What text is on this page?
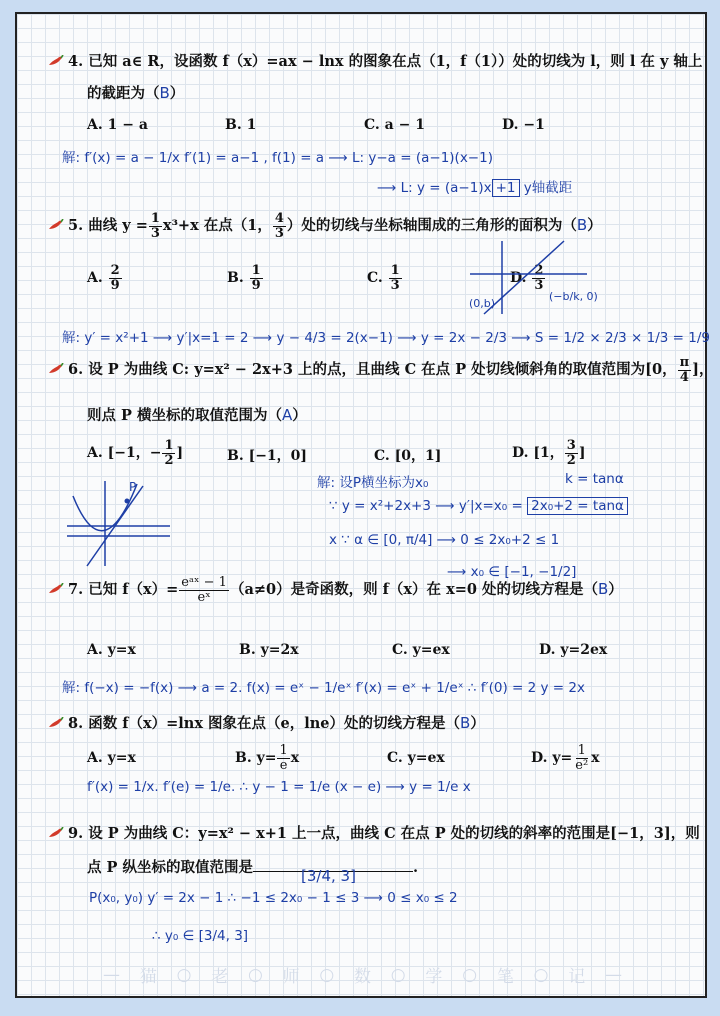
4. 已知 a∈ R，设函数 f（x）=ax − lnx 的图象在点（1，f（1））处的切线为 l，则 l 在 y 轴上
的截距为（B）
A. 1 − a	B. 1	C. a − 1	D. −1
解: f′(x) = a − 1/x f′(1) = a−1 , f(1) = a ⟶ L: y−a = (a−1)(x−1)
⟶ L: y = (a−1)x +1 y轴截距
5. 曲线 $y = \frac{1}{3} x^3+x$ 在点（1， $\frac{4}{3}$ ）处的切线与坐标轴围成的三角形的面积为（B）
A. $\frac{2}{9}$	B. $\frac{1}{9}$	C. $\frac{1}{3}$	D. $\frac{2}{3}$
(0,b)
(−b/k, 0)
解: y′ = x²+1 ⟶ y′|x=1 = 2 ⟶ y − 4/3 = 2(x−1) ⟶ y = 2x − 2/3 ⟶ S = 1/2 × 2/3 × 1/3 = 1/9
6. 设 P 为曲线 C: y=x² − 2x+3 上的点，且曲线 C 在点 P 处切线倾斜角的取值范围为[0， $\frac{\pi}{4}$ ]，
则点 P 横坐标的取值范围为（A）
A. [−1，− $\frac{1}{2}$ ]	B. [−1，0]	C. [0，1]	D. [1， $\frac{3}{2}$ ]
P	解: 设P横坐标为x₀	k = tanα
∵ y = x²+2x+3 ⟶ y′|x=x₀ = 2x₀+2 = tanα
x ∵ α ∈ [0, π/4] ⟶ 0 ≤ 2x₀+2 ≤ 1
⟶ x₀ ∈ [−1, −1/2]
7. 已知 $f(x)= \frac{\text{eᵃˣ − 1}}{\text{eˣ}} (a\ne 0)$是奇函数，则 f（x）在 x=0 处的切线方程是（B）
A. y=x	B. y=2x	C. y=ex	D. y=2ex
解: f(−x) = −f(x) ⟶ a = 2. f(x) = eˣ − 1/eˣ f′(x) = eˣ + 1/eˣ ∴ f′(0) = 2 y = 2x
8. 函数 f（x）=lnx 图象在点（e，lne）处的切线方程是（B）
A. y=x	B. $y= \frac{1}{e}$ x	C. y=ex	D. $y= \frac{1}{\text{e²}}$ x
f′(x) = 1/x. f′(e) = 1/e. ∴ y − 1 = 1/e (x − e) ⟶ y = 1/e x
9. 设 P 为曲线 C：y=x² − x+1 上一点，曲线 C 在点 P 处的切线的斜率的范围是[−1，3]，则
点 P 纵坐标的取值范围是	[3/4, 3]	.
P(x₀, y₀) y′ = 2x − 1 ∴ −1 ≤ 2x₀ − 1 ≤ 3 ⟶ 0 ≤ x₀ ≤ 2
∴ y₀ ∈ [3/4, 3]
— 猫 ○ 老 ○ 师 ○ 数 ○ 学 ○ 笔 ○ 记 —
